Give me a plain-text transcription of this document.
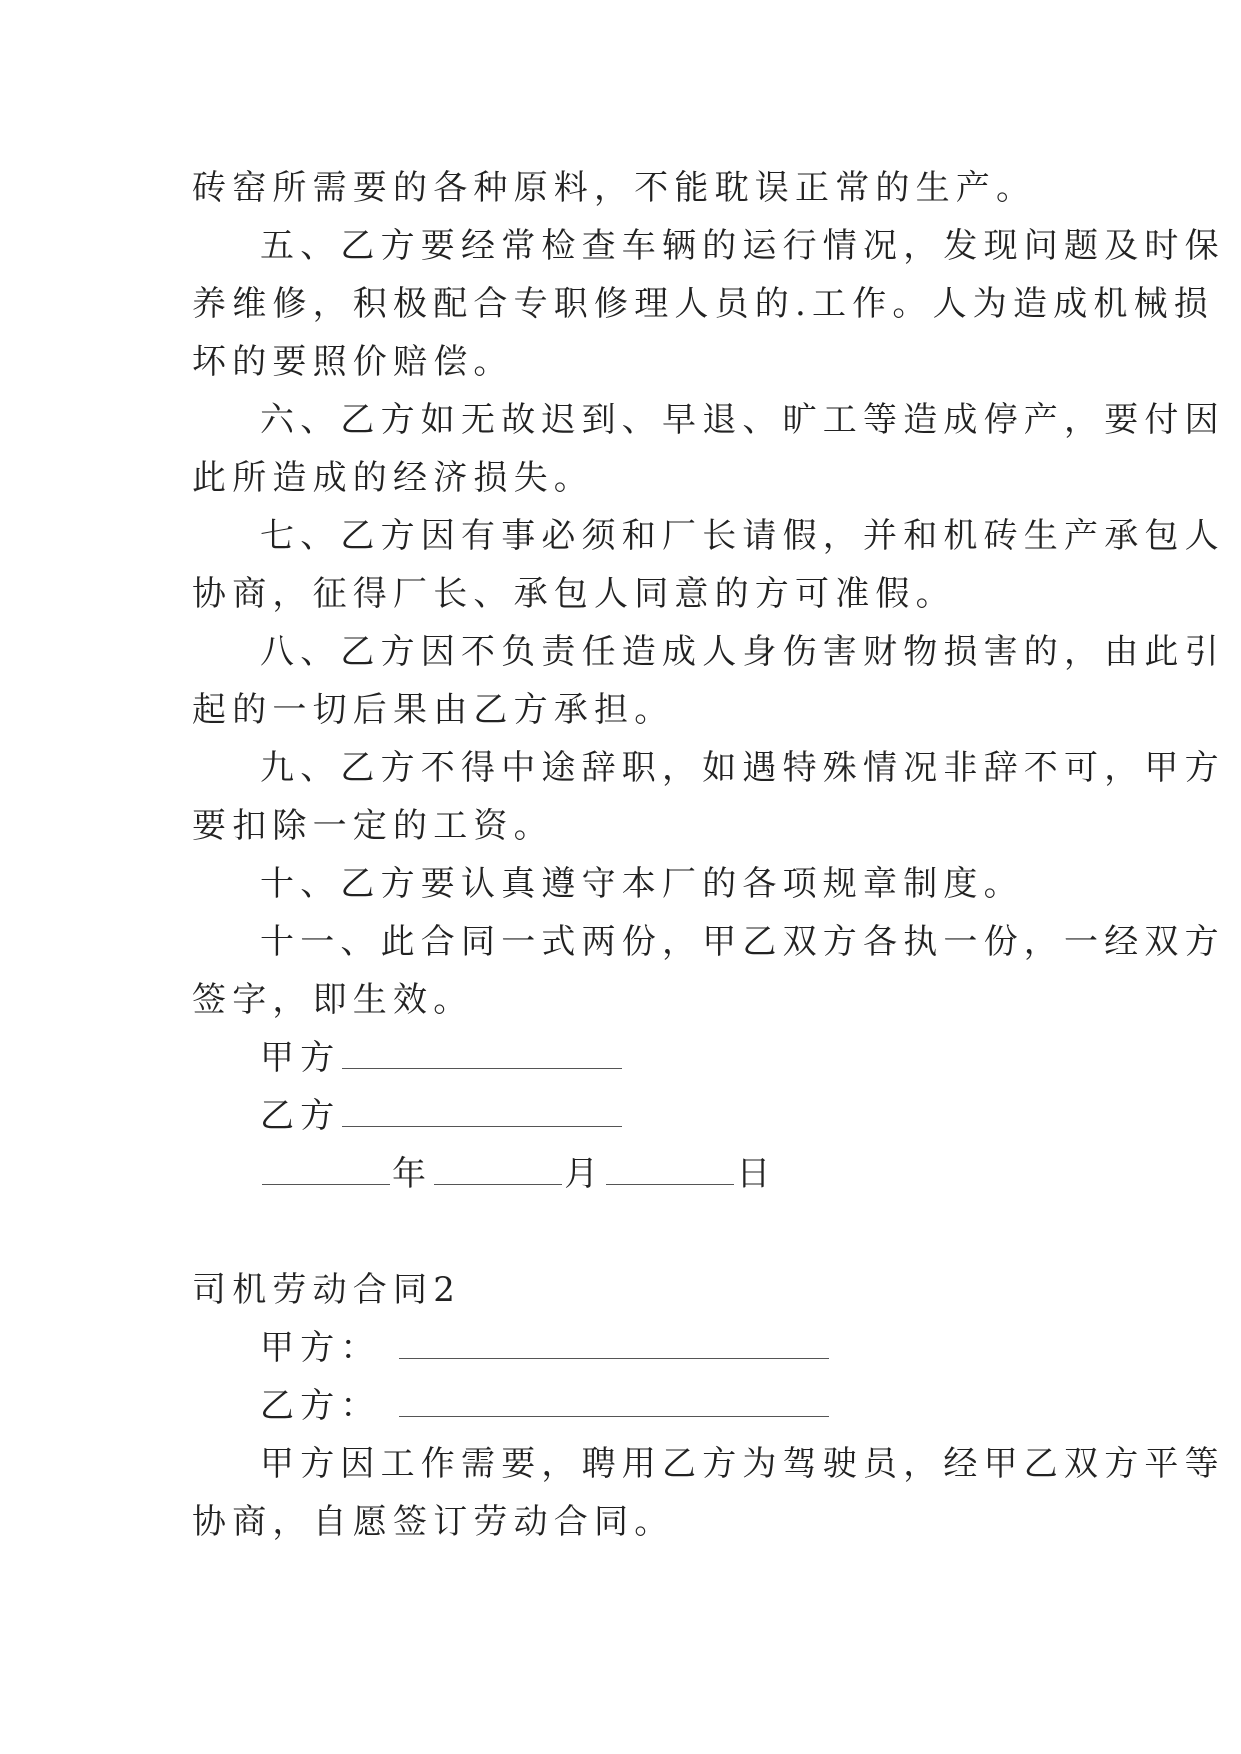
砖窑所需要的各种原料，不能耽误正常的生产。
五、乙方要经常检查车辆的运行情况，发现问题及时保
养维修，积极配合专职修理人员的.工作。人为造成机械损
坏的要照价赔偿。
六、乙方如无故迟到、早退、旷工等造成停产，要付因
此所造成的经济损失。
七、乙方因有事必须和厂长请假，并和机砖生产承包人
协商，征得厂长、承包人同意的方可准假。
八、乙方因不负责任造成人身伤害财物损害的，由此引
起的一切后果由乙方承担。
九、乙方不得中途辞职，如遇特殊情况非辞不可，甲方
要扣除一定的工资。
十、乙方要认真遵守本厂的各项规章制度。
十一、此合同一式两份，甲乙双方各执一份，一经双方
签字，即生效。
甲方
乙方
年	月	日
司机劳动合同2
甲方：
乙方：
甲方因工作需要，聘用乙方为驾驶员，经甲乙双方平等
协商，自愿签订劳动合同。
